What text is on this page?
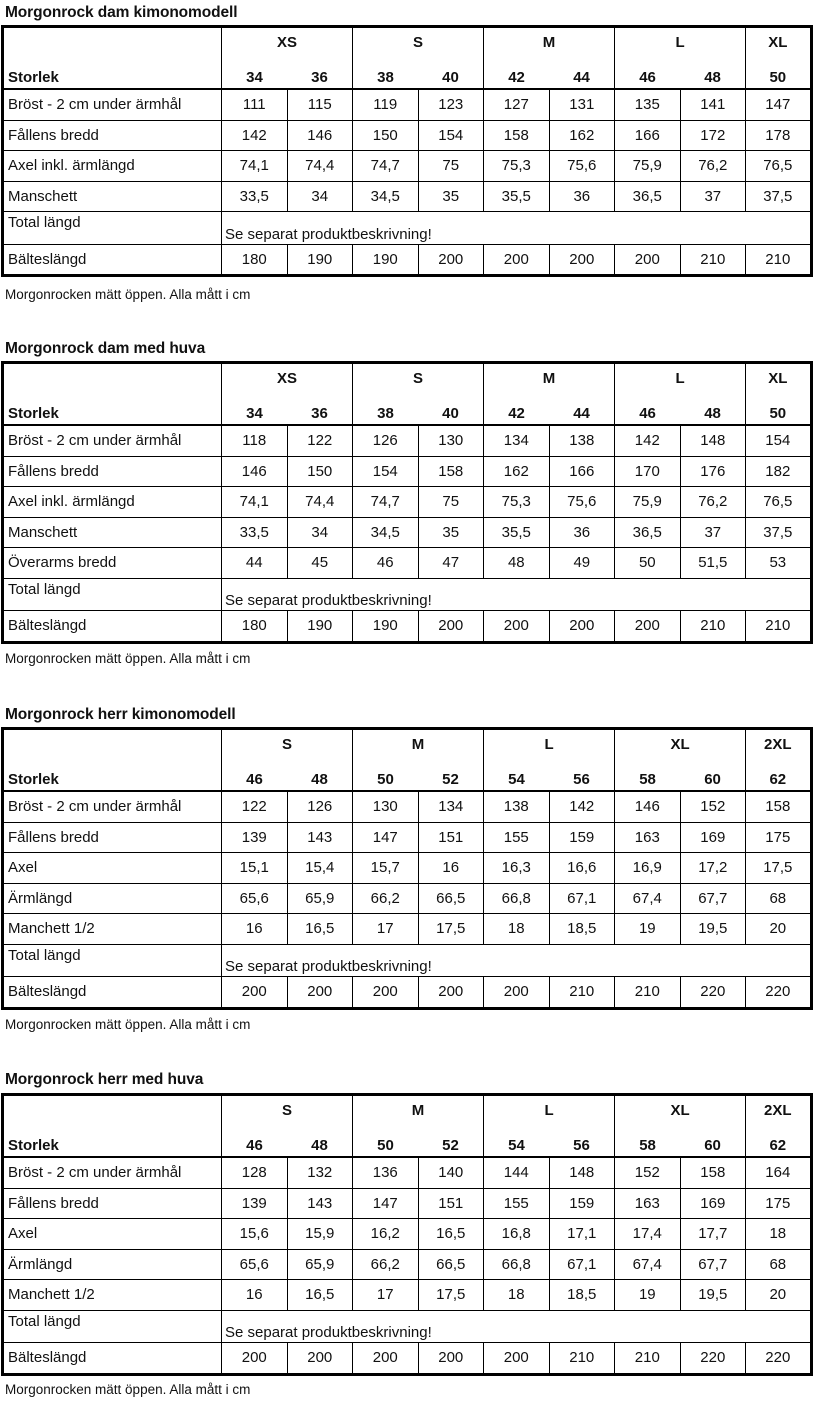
Morgonrock dam kimonomodell
	XS		S		M		L		XL
Storlek	34	36	38	40	42	44	46	48	50
Bröst - 2 cm under ärmhål	111	115	119	123	127	131	135	141	147
Fållens bredd	142	146	150	154	158	162	166	172	178
Axel inkl. ärmlängd	74,1	74,4	74,7	75	75,3	75,6	75,9	76,2	76,5
Manschett	33,5	34	34,5	35	35,5	36	36,5	37	37,5
Total längd	Se separat produktbeskrivning!								
Bälteslängd	180	190	190	200	200	200	200	210	210
Morgonrocken mätt öppen. Alla mått i cm
Morgonrock dam med huva
	XS		S		M		L		XL
Storlek	34	36	38	40	42	44	46	48	50
Bröst - 2 cm under ärmhål	118	122	126	130	134	138	142	148	154
Fållens bredd	146	150	154	158	162	166	170	176	182
Axel inkl. ärmlängd	74,1	74,4	74,7	75	75,3	75,6	75,9	76,2	76,5
Manschett	33,5	34	34,5	35	35,5	36	36,5	37	37,5
Överarms bredd	44	45	46	47	48	49	50	51,5	53
Total längd	Se separat produktbeskrivning!								
Bälteslängd	180	190	190	200	200	200	200	210	210
Morgonrocken mätt öppen. Alla mått i cm
Morgonrock herr kimonomodell
	S		M		L		XL		2XL
Storlek	46	48	50	52	54	56	58	60	62
Bröst - 2 cm under ärmhål	122	126	130	134	138	142	146	152	158
Fållens bredd	139	143	147	151	155	159	163	169	175
Axel	15,1	15,4	15,7	16	16,3	16,6	16,9	17,2	17,5
Ärmlängd	65,6	65,9	66,2	66,5	66,8	67,1	67,4	67,7	68
Manchett 1/2	16	16,5	17	17,5	18	18,5	19	19,5	20
Total längd	Se separat produktbeskrivning!								
Bälteslängd	200	200	200	200	200	210	210	220	220
Morgonrocken mätt öppen. Alla mått i cm
Morgonrock herr med huva
	S		M		L		XL		2XL
Storlek	46	48	50	52	54	56	58	60	62
Bröst - 2 cm under ärmhål	128	132	136	140	144	148	152	158	164
Fållens bredd	139	143	147	151	155	159	163	169	175
Axel	15,6	15,9	16,2	16,5	16,8	17,1	17,4	17,7	18
Ärmlängd	65,6	65,9	66,2	66,5	66,8	67,1	67,4	67,7	68
Manchett 1/2	16	16,5	17	17,5	18	18,5	19	19,5	20
Total längd	Se separat produktbeskrivning!								
Bälteslängd	200	200	200	200	200	210	210	220	220
Morgonrocken mätt öppen. Alla mått i cm
